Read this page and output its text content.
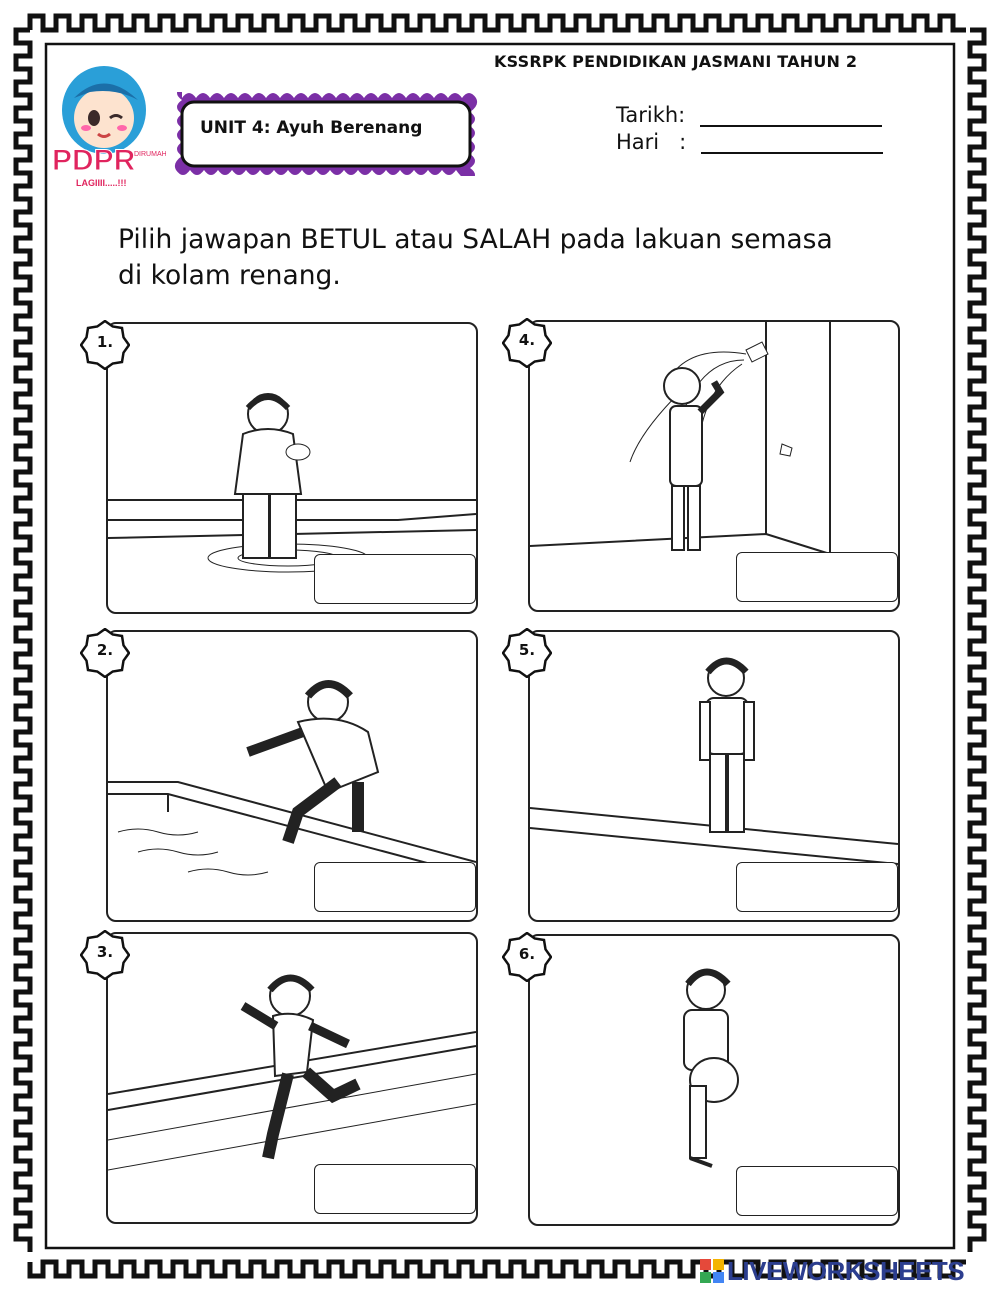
KSSRPK PENDIDIKAN JASMANI TAHUN 2
PDPR
DIRUMAH
LAGIIII.....!!!
UNIT 4: Ayuh Berenang
Tarikh:
Hari   :
Pilih jawapan BETUL atau SALAH pada lakuan semasa
di kolam renang.
1.
2.
3.
4.
5.
6.
LIVEWORKSHEETS
